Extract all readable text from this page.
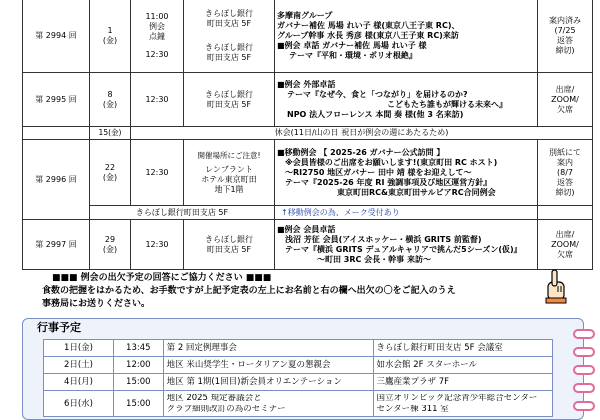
第 2994 回	1
(金)	11:00
例会
点鐘
12:30	きらぼし銀行
町田支店 5F
きらぼし銀行
町田支店 5F	多摩南グループ
ガバナー補佐 馬場 れい子 様(東京八王子東 RC)、
グループ幹事 水長 秀彦 様(東京八王子東 RC)来訪
■例会 卓話 ガバナー補佐 馬場 れい子 様
テーマ『平和・環境・ポリオ根絶』	案内済み
(7/25
返答
締切)

第 2995 回	8
(金)	12:30	きらぼし銀行
町田支店 5F	■例会 外部卓話
テーマ『なぜ今、食と「つながり」を届けるのか?
こどもたち誰もが輝ける未来へ』
NPO 法人フローレンス 本間 奏 様(他 3 名来訪)	出席/
ZOOM/
欠席

	15(金)	休会(11日/山の日 祝日が例会の週にあたるため)			
第 2996 回	22
(金)	12:30	開催場所にご注意!
レンブラント
ホテル東京町田
地下1階	■移動例会 【 2025-26 ガバナー公式訪問 】
※会員皆様のご出席をお願いします!(東京町田 RC ホスト)
〜RI2750 地区ガバナー 田中 靖 様をお迎えして〜
テーマ『2025-26 年度 RI 強調事項及び地区運営方針』
東京町田RC&東京町田サルビアRC合同例会	別紙にて
案内
(8/7
返答
締切)

	きらぼし銀行町田支店 5F			↑移動例会の為、メーク受付あり	
第 2997 回	29
(金)	12:30	きらぼし銀行
町田支店 5F	■例会 会員卓話
浅沼 芳征 会員(アイスホッケー・横浜 GRITS 前監督)
テーマ『横浜 GRITS デュアルキャリアで挑んだ5シーズン(仮)』
〜町田 3RC 会長・幹事 来訪〜	出席/
ZOOM/
欠席
■■■ 例会の出欠予定の回答にご協力ください ■■■
食数の把握をはかるため、お手数ですが上記予定表の左上にお名前と右の欄へ出欠の〇をご記入のうえ
事務局にお送りください。
行事予定
1日(金)	13:45	第 2 回定例理事会	きらぼし銀行町田支店 5F 会議室
2日(土)	12:00	地区 米山奨学生・ロータリアン夏の懇親会	如水会館 2F スターホール
4日(月)	15:00	地区 第 1期(1回目)新会員オリエンテーション	三鷹産業プラザ 7F
6日(水)	15:00	地区 2025 規定審議会と
クラブ細則改訂の為のセミナー	国立オリンピック記念青少年総合センター
センター棟 311 室
